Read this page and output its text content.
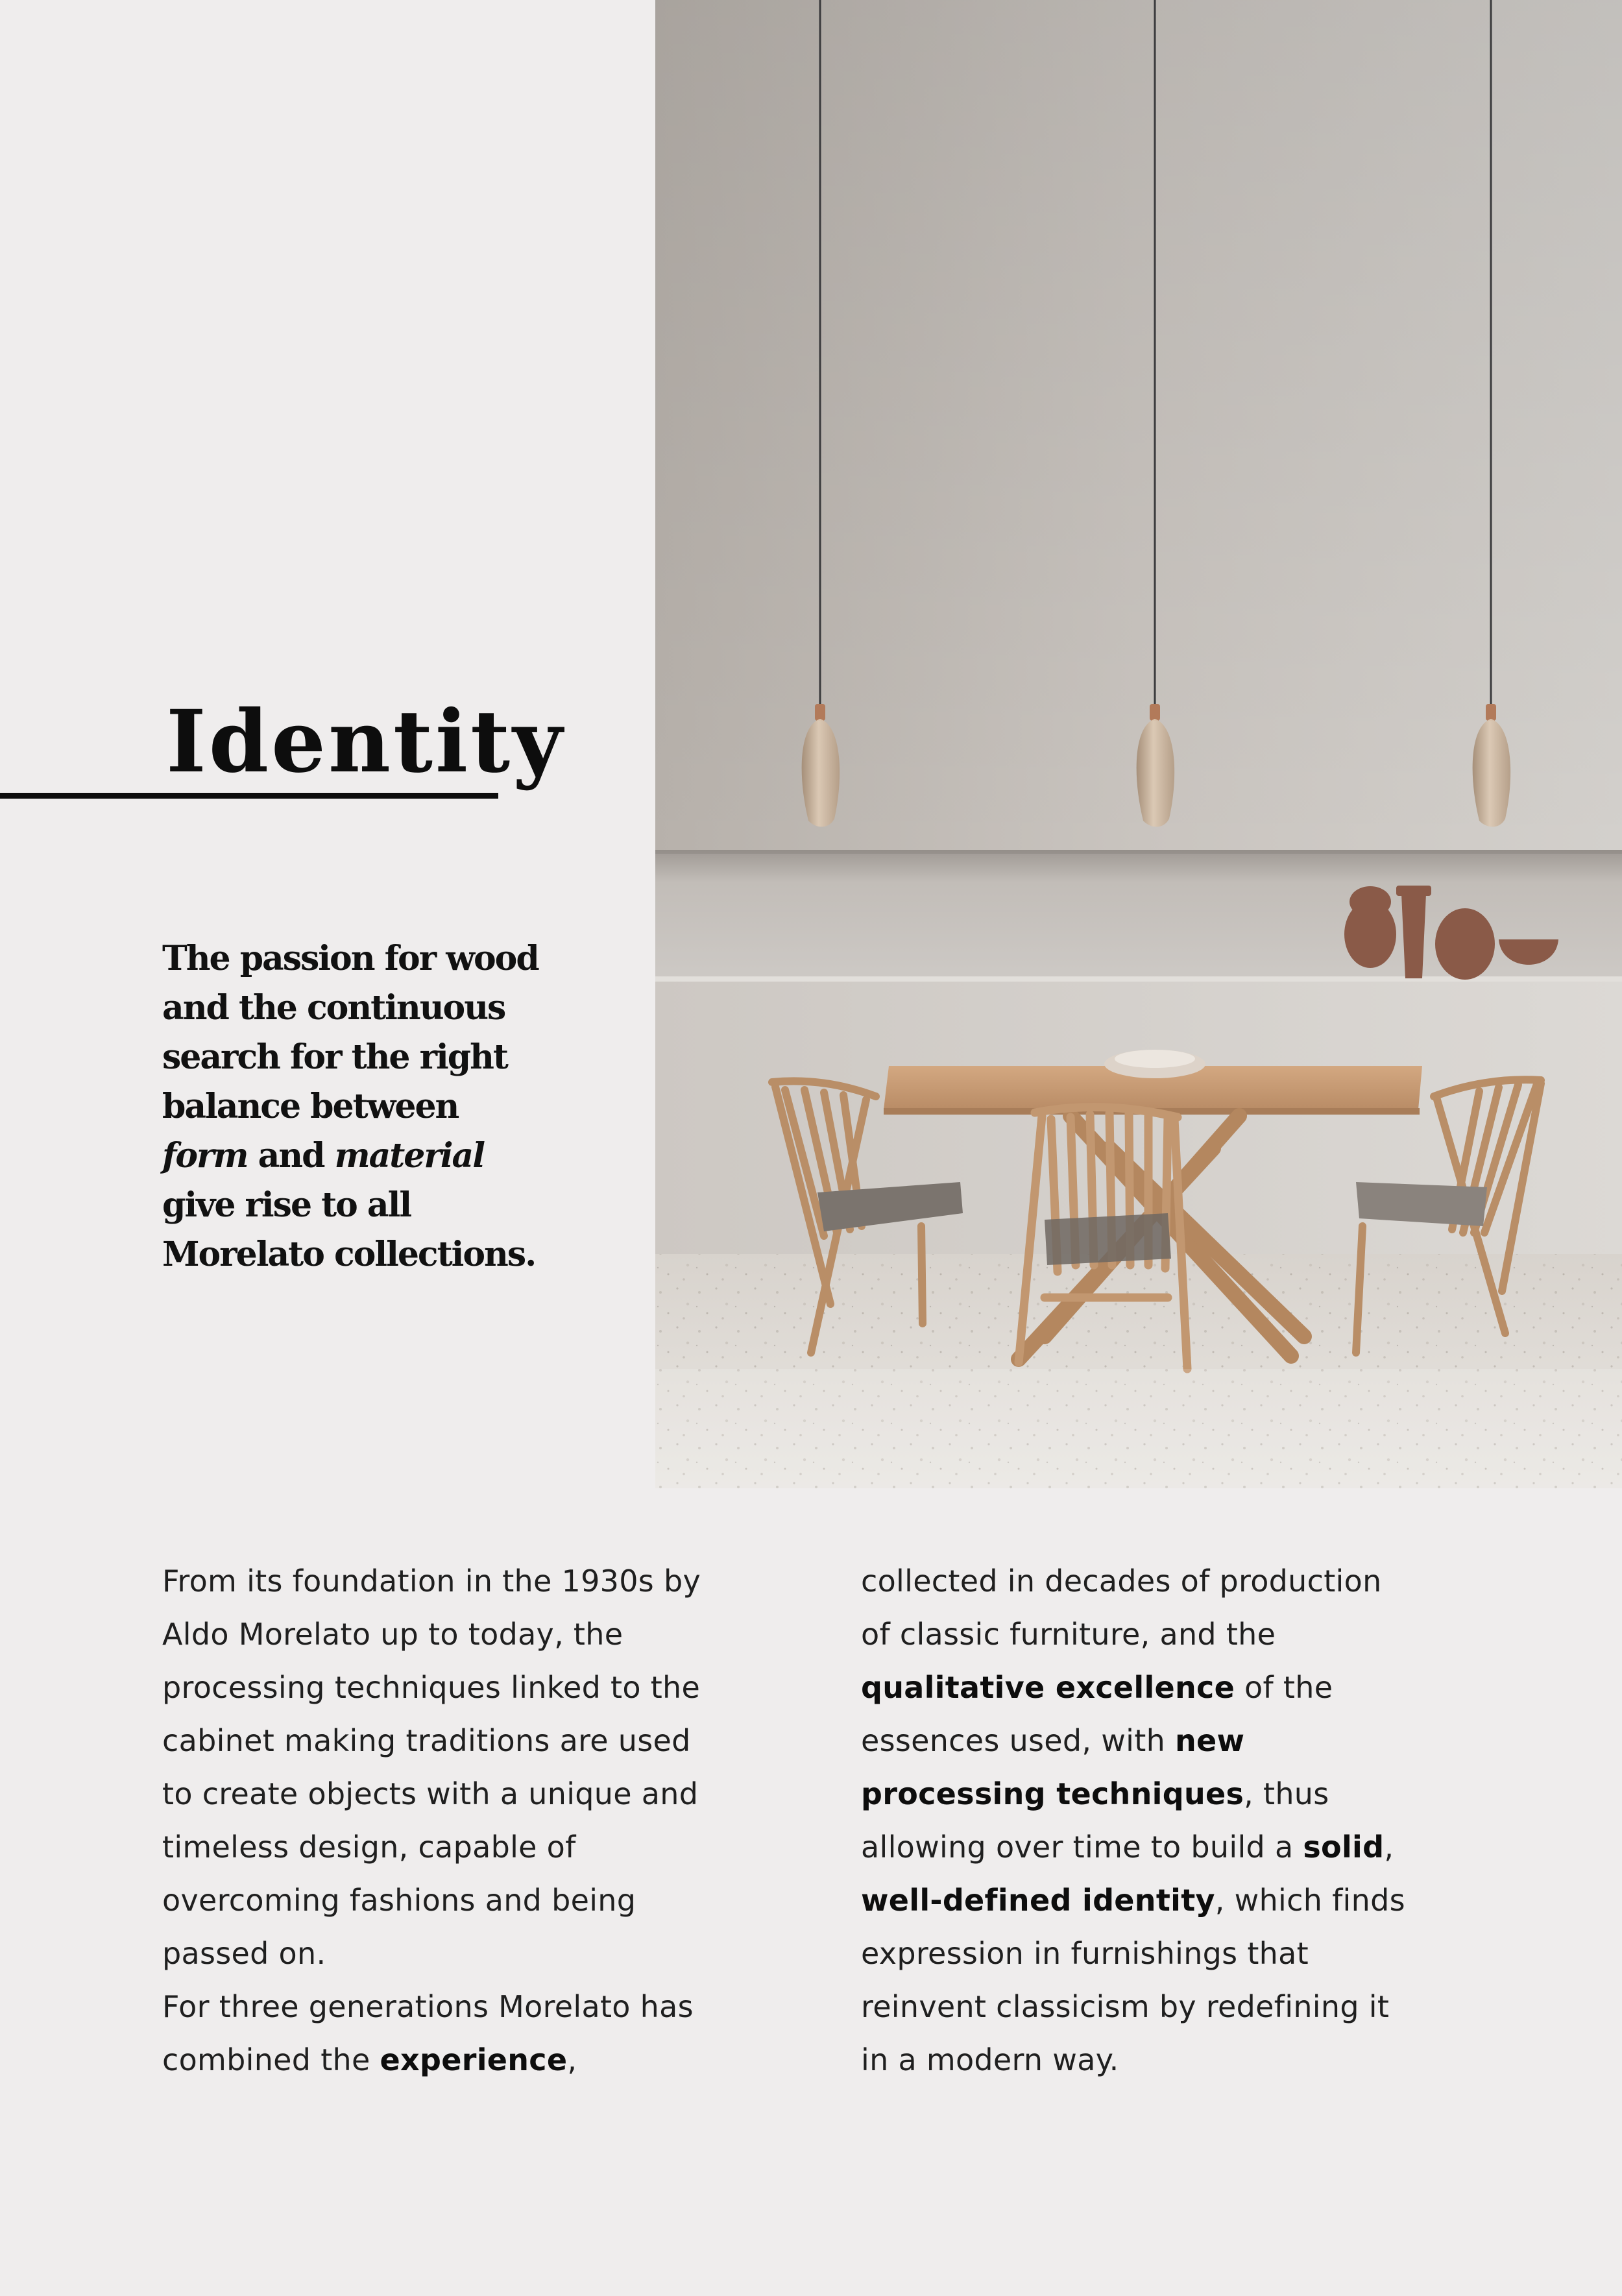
Identity

The passion for wood
and the continuous
search for the right
balance between
form and material
give rise to all
Morelato collections.

From its foundation in the 1930s by
Aldo Morelato up to today, the
processing techniques linked to the
cabinet making traditions are used
to create objects with a unique and
timeless design, capable of
overcoming fashions and being
passed on.
For three generations Morelato has
combined the experience,

collected in decades of production
of classic furniture, and the
qualitative excellence of the
essences used, with new
processing techniques, thus
allowing over time to build a solid,
well-defined identity, which finds
expression in furnishings that
reinvent classicism by redefining it
in a modern way.
